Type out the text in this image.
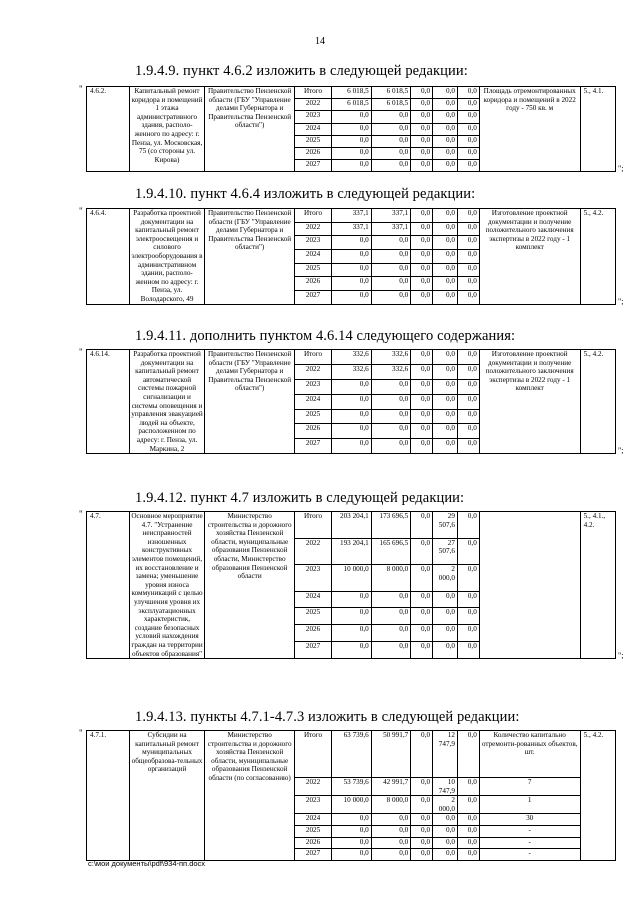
14
1.9.4.9. пункт 4.6.2 изложить в следующей редакции:
" 4.6.2.	Капитальный ремонт коридора и помещений 1 этажа административного здания, располо-женного по адресу: г. Пенза, ул. Московская, 75 (со стороны ул. Кирова)	Правительство Пензенской области (ГБУ "Управление делами Губернатора и Правительства Пензенской области")	Итого	6 018,5	6 018,5	0,0	0,0	0,0	Площадь отремонтированных коридора и помещений в 2022 году - 750 кв. м	5., 4.1.
			2022	6 018,5	6 018,5	0,0	0,0	0,0		
			2023	0,0	0,0	0,0	0,0	0,0		
			2024	0,0	0,0	0,0	0,0	0,0		
			2025	0,0	0,0	0,0	0,0	0,0		
			2026	0,0	0,0	0,0	0,0	0,0		
			2027	0,0	0,0	0,0	0,0	0,0			";
1.9.4.10. пункт 4.6.4 изложить в следующей редакции:
" 4.6.4.	Разработка проектной документации на капитальный ремонт электроосвещения и силового электрооборудования в административном здании, располо-женном по адресу: г. Пенза, ул. Володарского, 49	Правительство Пензенской области (ГБУ "Управление делами Губернатора и Правительства Пензенской области")	Итого	337,1	337,1	0,0	0,0	0,0	Изготовление проектной документации и получение положительного заключения экспертизы в 2022 году - 1 комплект	5., 4.2.
			2022	337,1	337,1	0,0	0,0	0,0		
			2023	0,0	0,0	0,0	0,0	0,0		
			2024	0,0	0,0	0,0	0,0	0,0		
			2025	0,0	0,0	0,0	0,0	0,0		
			2026	0,0	0,0	0,0	0,0	0,0		
			2027	0,0	0,0	0,0	0,0	0,0		
";
1.9.4.11. дополнить пунктом 4.6.14 следующего содержания:
" 4.6.14.	Разработка проектной документации на капитальный ремонт автоматической системы пожарной сигнализации и системы оповещения и управления эвакуацией людей на объекте, расположенном по адресу: г. Пенза, ул. Маркина, 2	Правительство Пензенской области (ГБУ "Управление делами Губернатора и Правительства Пензенской области")	Итого	332,6	332,6	0,0	0,0	0,0	Изготовление проектной документации и получение положительного заключения экспертизы в 2022 году - 1 комплект	5., 4.2.
			2022	332,6	332,6	0,0	0,0	0,0		
			2023	0,0	0,0	0,0	0,0	0,0		
			2024	0,0	0,0	0,0	0,0	0,0		
			2025	0,0	0,0	0,0	0,0	0,0		
			2026	0,0	0,0	0,0	0,0	0,0		
			2027	0,0	0,0	0,0	0,0	0,0		
";
1.9.4.12. пункт 4.7 изложить в следующей редакции:
" 4.7.	Основное мероприятие 4.7. "Устранение неисправностей изношенных конструктивных элементов помещений, их восстановление и замена; уменьшение уровня износа коммуникаций с целью улучшения уровня их эксплуатационных характеристик, создание безопасных условий нахождения граждан на территории объектов образования"	Министерство строительства и дорожного хозяйства Пензенской области, муниципальные образования Пензенской области, Министерство образования Пензенской области	Итого	203 204,1	173 696,5	0,0	29 507,6	0,0		5., 4.1., 4.2.
			2022	193 204,1	165 696,5	0,0	27 507,6	0,0		
			2023	10 000,0	8 000,0	0,0	2 000,0	0,0		
			2024	0,0	0,0	0,0	0,0	0,0		
			2025	0,0	0,0	0,0	0,0	0,0		
			2026	0,0	0,0	0,0	0,0	0,0		
			2027	0,0	0,0	0,0	0,0	0,0		
";
1.9.4.13. пункты 4.7.1-4.7.3 изложить в следующей редакции:
" 4.7.1.	Субсидии на капитальный ремонт муниципальных общеобразова-тельных организаций	Министерство строительства и дорожного хозяйства Пензенской области, муниципальные образования Пензенской области (по согласованию)	Итого	63 739,6	50 991,7	0,0	12 747,9	0,0	Количество капитально отремонти-рованных объектов, шт.	5., 4.2.
			2022	53 739,6	42 991,7	0,0	10 747,9	0,0	7	
			2023	10 000,0	8 000,0	0,0	2 000,0	0,0	1	
			2024	0,0	0,0	0,0	0,0	0,0	30	
			2025	0,0	0,0	0,0	0,0	0,0	-	
			2026	0,0	0,0	0,0	0,0	0,0	-	
			2027	0,0	0,0	0,0	0,0	0,0	-	
c:\мои документы\pdf\934-пп.docx
